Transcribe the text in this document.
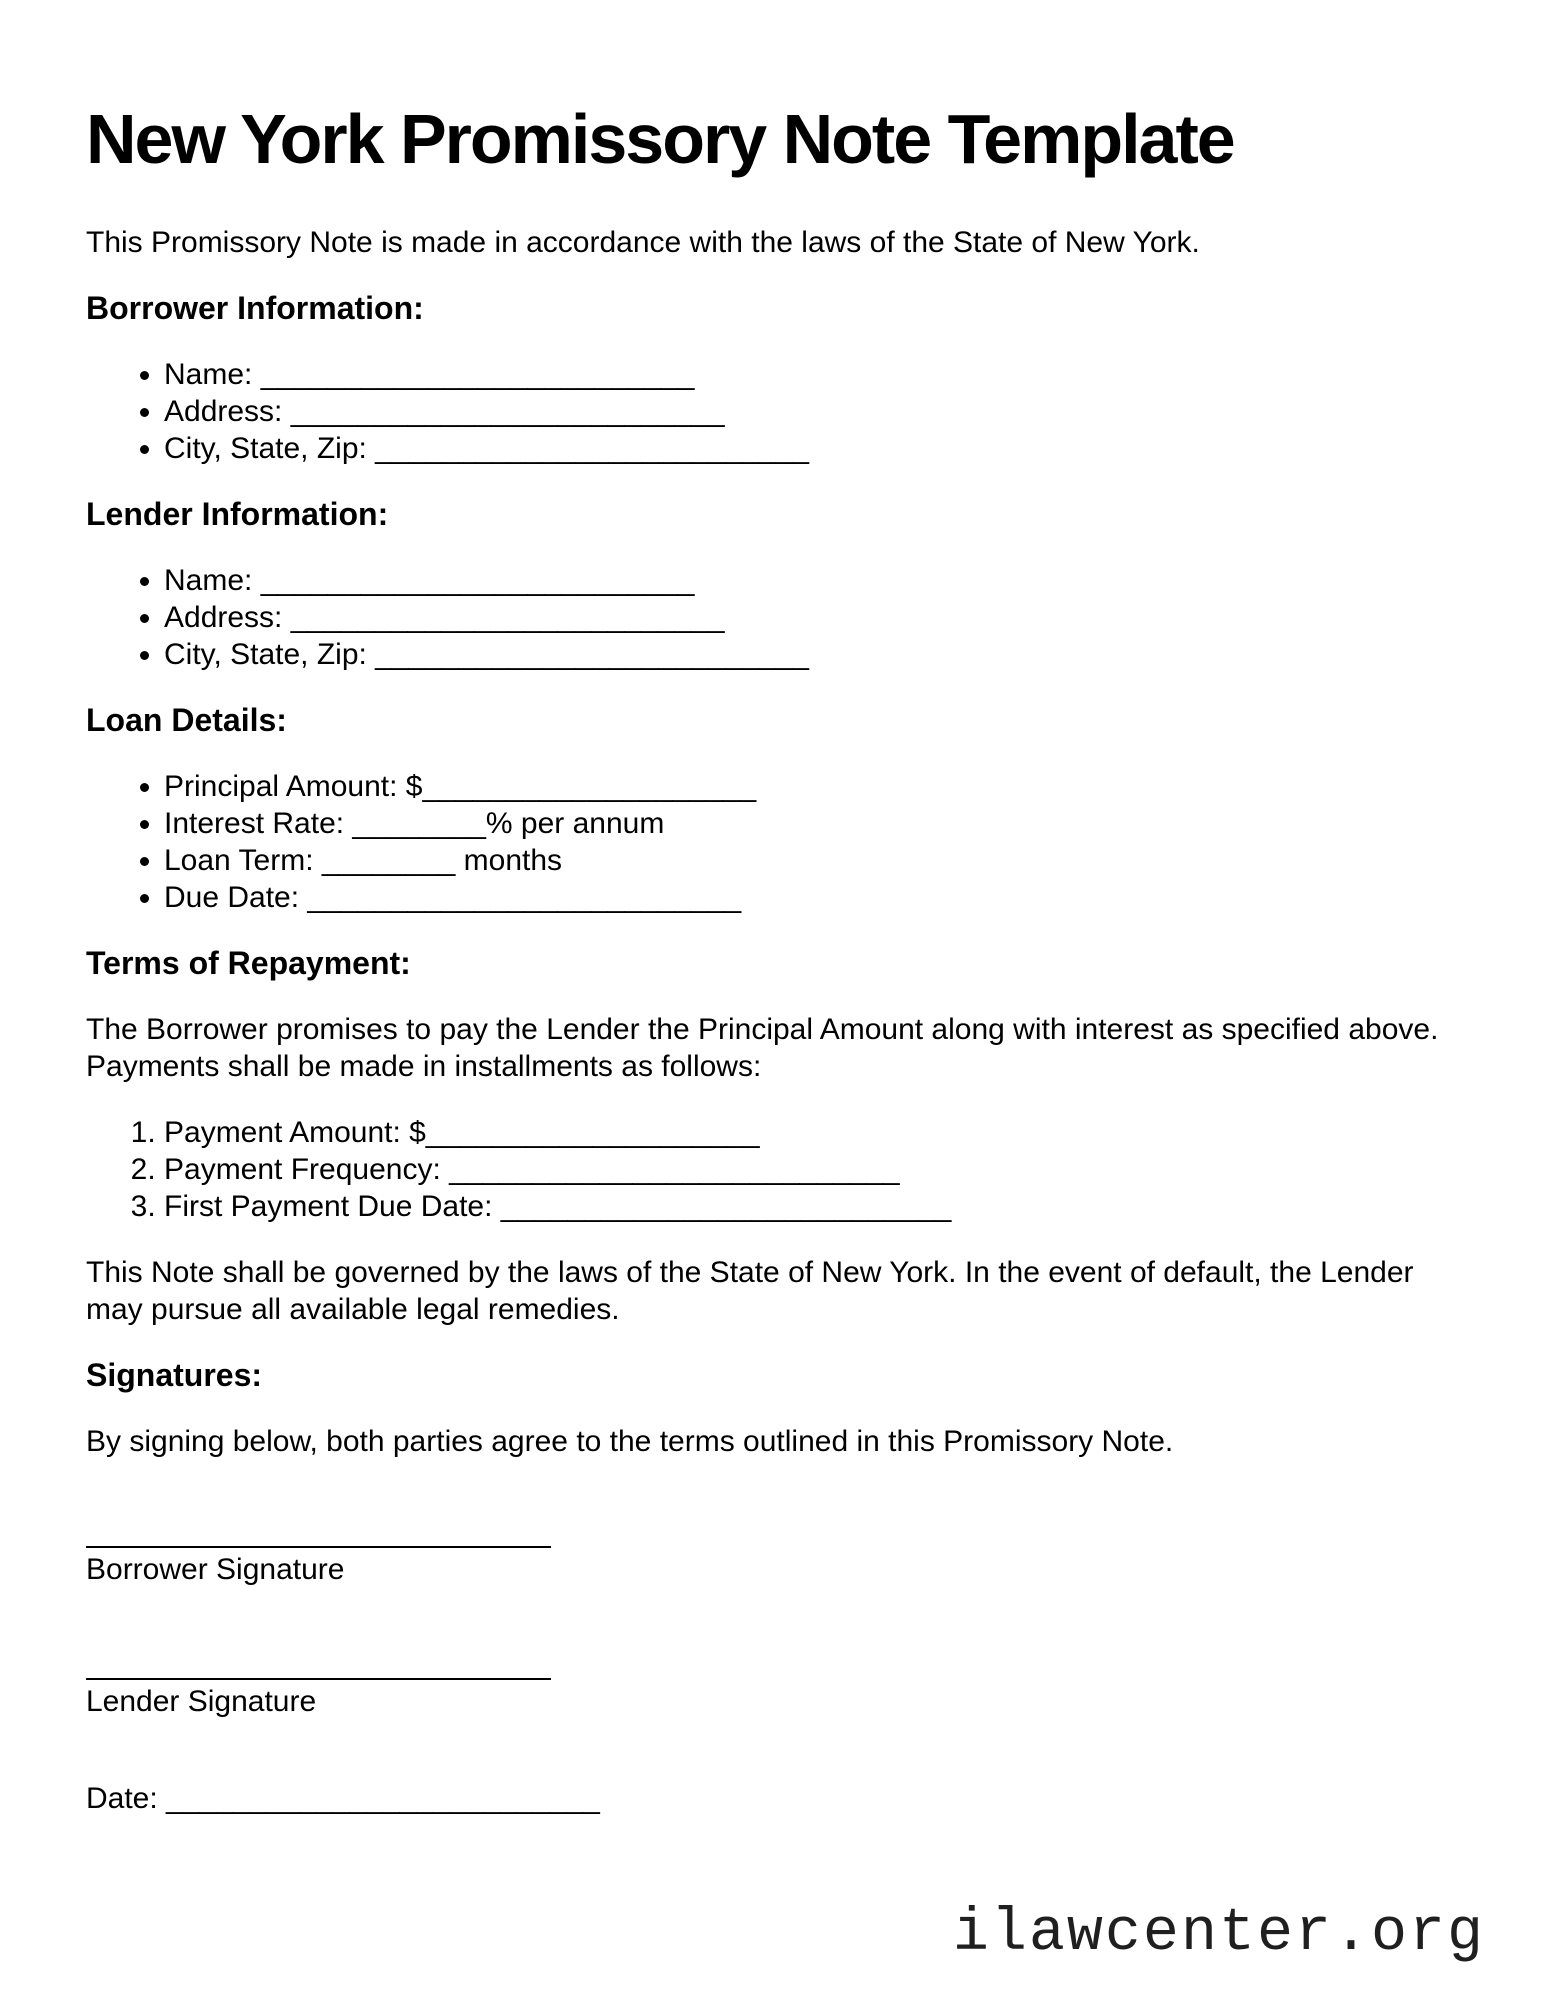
New York Promissory Note Template

This Promissory Note is made in accordance with the laws of the State of New York.

Borrower Information:
• Name: __________________________
• Address: __________________________
• City, State, Zip: __________________________
Lender Information:
• Name: __________________________
• Address: __________________________
• City, State, Zip: __________________________
Loan Details:
• Principal Amount: $____________________
• Interest Rate: ________% per annum
• Loan Term: ________ months
• Due Date: __________________________
Terms of Repayment:

The Borrower promises to pay the Lender the Principal Amount along with interest as specified above. Payments shall be made in installments as follows:

1. Payment Amount: $____________________
2. Payment Frequency: ___________________________
3. First Payment Due Date: ___________________________

This Note shall be governed by the laws of the State of New York. In the event of default, the Lender may pursue all available legal remedies.

Signatures:

By signing below, both parties agree to the terms outlined in this Promissory Note.

Borrower Signature

Lender Signature

Date: __________________________

ilawcenter.org
